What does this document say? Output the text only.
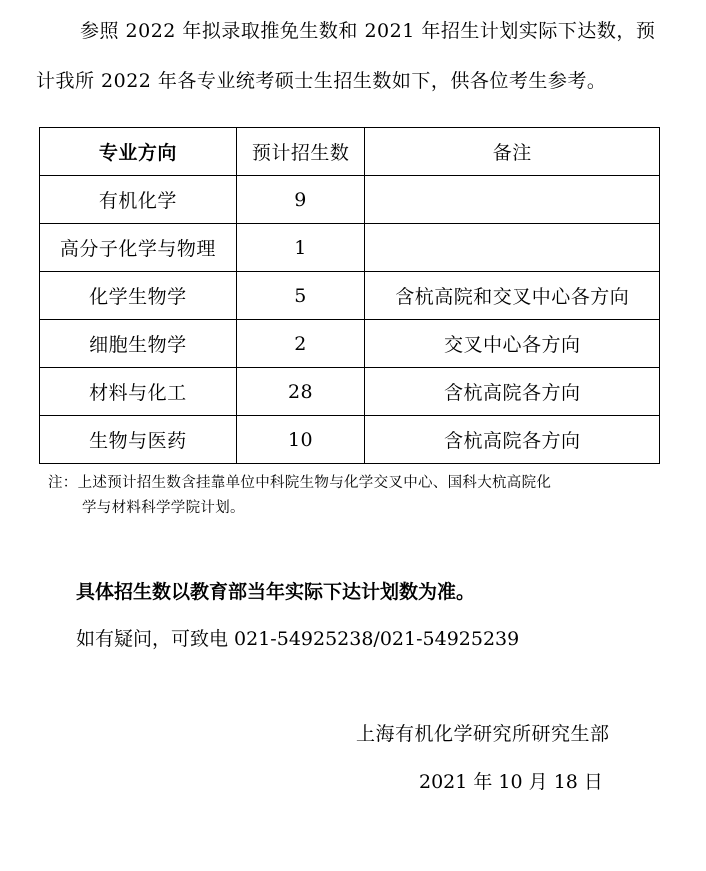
参照 2022 年拟录取推免生数和 2021 年招生计划实际下达数，预
计我所 2022 年各专业统考硕士生招生数如下，供各位考生参考。
专业方向	预计招生数	备注
有机化学	9	
高分子化学与物理	1	
化学生物学	5	含杭高院和交叉中心各方向
细胞生物学	2	交叉中心各方向
材料与化工	28	含杭高院各方向
生物与医药	10	含杭高院各方向
注：上述预计招生数含挂靠单位中科院生物与化学交叉中心、国科大杭高院化
学与材料科学学院计划。
具体招生数以教育部当年实际下达计划数为准。
如有疑问，可致电 021-54925238/021-54925239
上海有机化学研究所研究生部
2021 年 10 月 18 日
